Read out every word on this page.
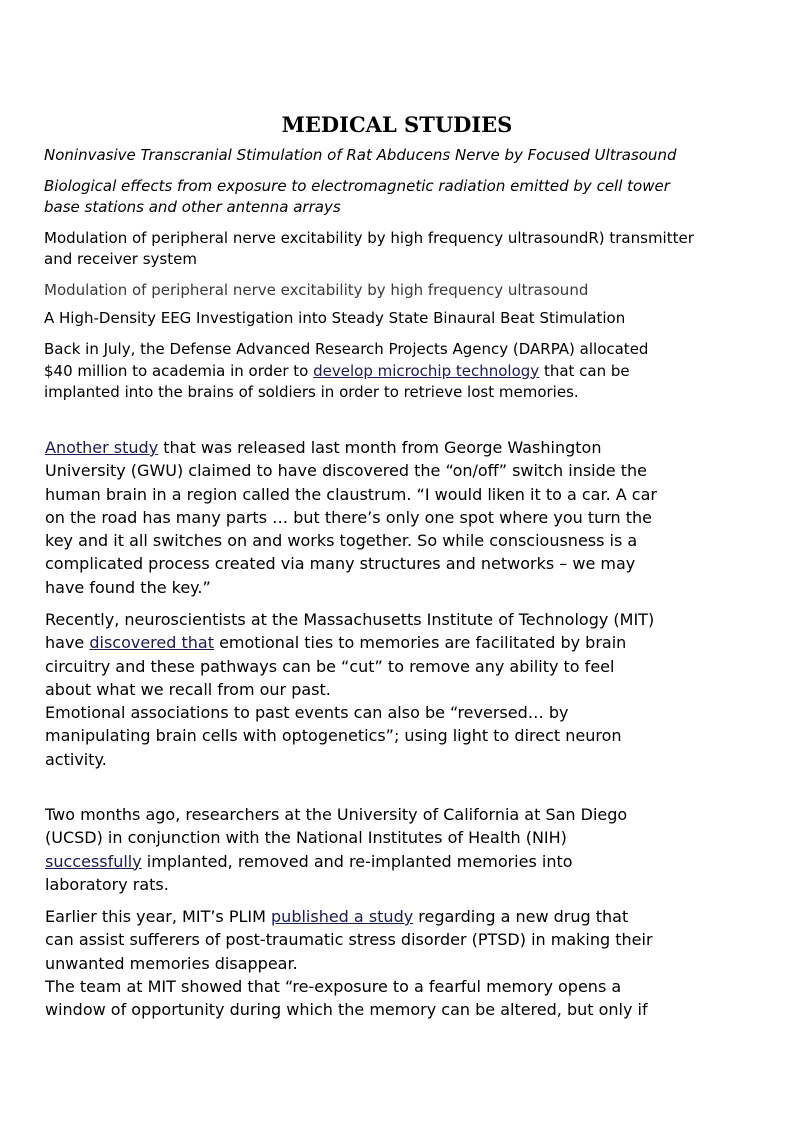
MEDICAL STUDIES

Noninvasive Transcranial Stimulation of Rat Abducens Nerve by Focused Ultrasound

Biological effects from exposure to electromagnetic radiation emitted by cell tower
base stations and other antenna arrays

Modulation of peripheral nerve excitability by high frequency ultrasoundR) transmitter
and receiver system

Modulation of peripheral nerve excitability by high frequency ultrasound

A High-Density EEG Investigation into Steady State Binaural Beat Stimulation

Back in July, the Defense Advanced Research Projects Agency (DARPA) allocated
$40 million to academia in order to develop microchip technology that can be
implanted into the brains of soldiers in order to retrieve lost memories.

Another study that was released last month from George Washington
University (GWU) claimed to have discovered the “on/off” switch inside the
human brain in a region called the claustrum. “I would liken it to a car. A car
on the road has many parts … but there’s only one spot where you turn the
key and it all switches on and works together. So while consciousness is a
complicated process created via many structures and networks – we may
have found the key.”

Recently, neuroscientists at the Massachusetts Institute of Technology (MIT)
have discovered that emotional ties to memories are facilitated by brain
circuitry and these pathways can be “cut” to remove any ability to feel
about what we recall from our past.
Emotional associations to past events can also be “reversed… by
manipulating brain cells with optogenetics”; using light to direct neuron
activity.

Two months ago, researchers at the University of California at San Diego
(UCSD) in conjunction with the National Institutes of Health (NIH)
successfully implanted, removed and re-implanted memories into
laboratory rats.

Earlier this year, MIT’s PLIM published a study regarding a new drug that
can assist sufferers of post-traumatic stress disorder (PTSD) in making their
unwanted memories disappear.
The team at MIT showed that “re-exposure to a fearful memory opens a
window of opportunity during which the memory can be altered, but only if
